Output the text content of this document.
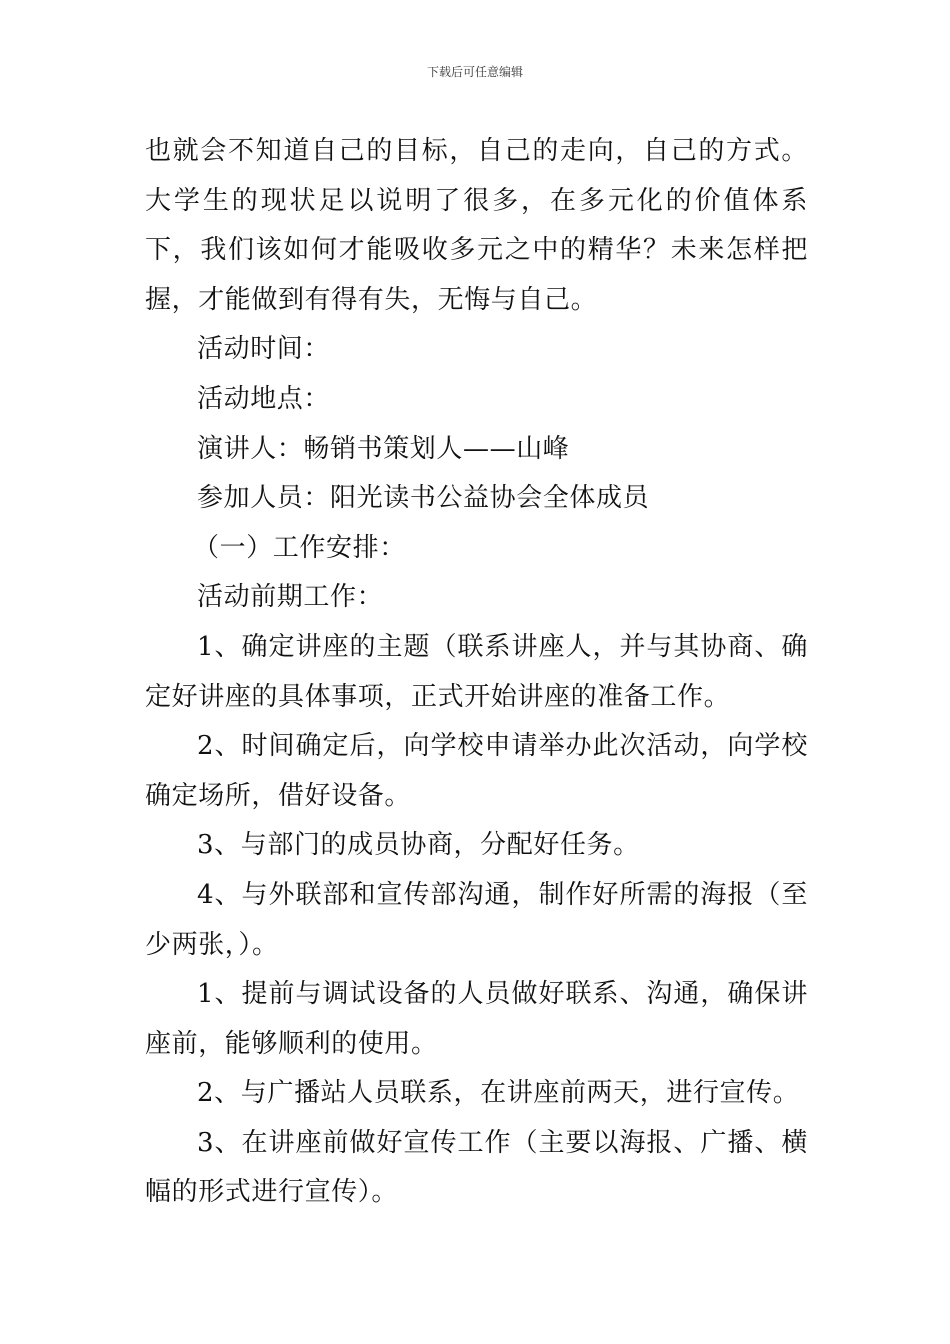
下载后可任意编辑

也就会不知道自己的目标，自己的走向，自己的方式。大学生的现状足以说明了很多，在多元化的价值体系下，我们该如何才能吸收多元之中的精华？未来怎样把握，才能做到有得有失，无悔与自己。

活动时间：

活动地点：

演讲人：畅销书策划人——山峰

参加人员：阳光读书公益协会全体成员

（一）工作安排：

活动前期工作：

1、确定讲座的主题（联系讲座人，并与其协商、确定好讲座的具体事项，正式开始讲座的准备工作。

2、时间确定后，向学校申请举办此次活动，向学校确定场所，借好设备。

3、与部门的成员协商，分配好任务。

4、与外联部和宣传部沟通，制作好所需的海报（至少两张，）。

1、提前与调试设备的人员做好联系、沟通，确保讲座前，能够顺利的使用。

2、与广播站人员联系，在讲座前两天，进行宣传。

3、在讲座前做好宣传工作（主要以海报、广播、横幅的形式进行宣传）。
